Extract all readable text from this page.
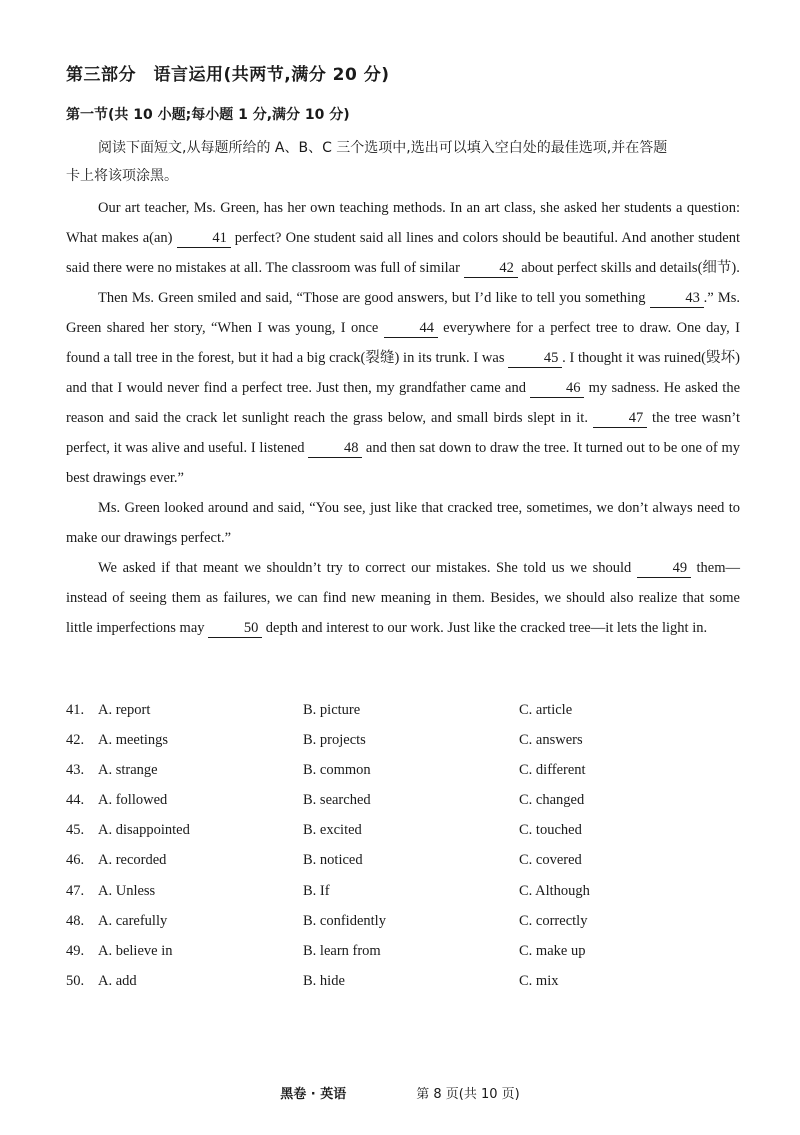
第三部分　语言运用(共两节,满分 20 分)
第一节(共 10 小题;每小题 1 分,满分 10 分)
阅读下面短文,从每题所给的 A、B、C 三个选项中,选出可以填入空白处的最佳选项,并在答题
卡上将该项涂黑。

Our art teacher, Ms. Green, has her own teaching methods. In an art class, she asked her students a question: What makes a(an) 41 perfect? One student said all lines and colors should be beautiful. And another student said there were no mistakes at all. The classroom was full of similar 42 about perfect skills and details(细节).

Then Ms. Green smiled and said, “Those are good answers, but I’d like to tell you something 43 .” Ms. Green shared her story, “When I was young, I once 44 everywhere for a perfect tree to draw. One day, I found a tall tree in the forest, but it had a big crack(裂缝) in its trunk. I was 45 . I thought it was ruined(毁坏) and that I would never find a perfect tree. Just then, my grandfather came and 46 my sadness. He asked the reason and said the crack let sunlight reach the grass below, and small birds slept in it. 47 the tree wasn’t perfect, it was alive and useful. I listened 48 and then sat down to draw the tree. It turned out to be one of my best drawings ever.”

Ms. Green looked around and said, “You see, just like that cracked tree, sometimes, we don’t always need to make our drawings perfect.”

We asked if that meant we shouldn’t try to correct our mistakes. She told us we should 49 them—instead of seeing them as failures, we can find new meaning in them. Besides, we should also realize that some little imperfections may 50 depth and interest to our work. Just like the cracked tree—it lets the light in.

41. A. report	B. picture	C. article
42. A. meetings	B. projects	C. answers
43. A. strange	B. common	C. different
44. A. followed	B. searched	C. changed
45. A. disappointed	B. excited	C. touched
46. A. recorded	B. noticed	C. covered
47. A. Unless	B. If	C. Although
48. A. carefully	B. confidently	C. correctly
49. A. believe in	B. learn from	C. make up
50. A. add	B. hide	C. mix
黑卷 · 英语	第 8 页(共 10 页)
